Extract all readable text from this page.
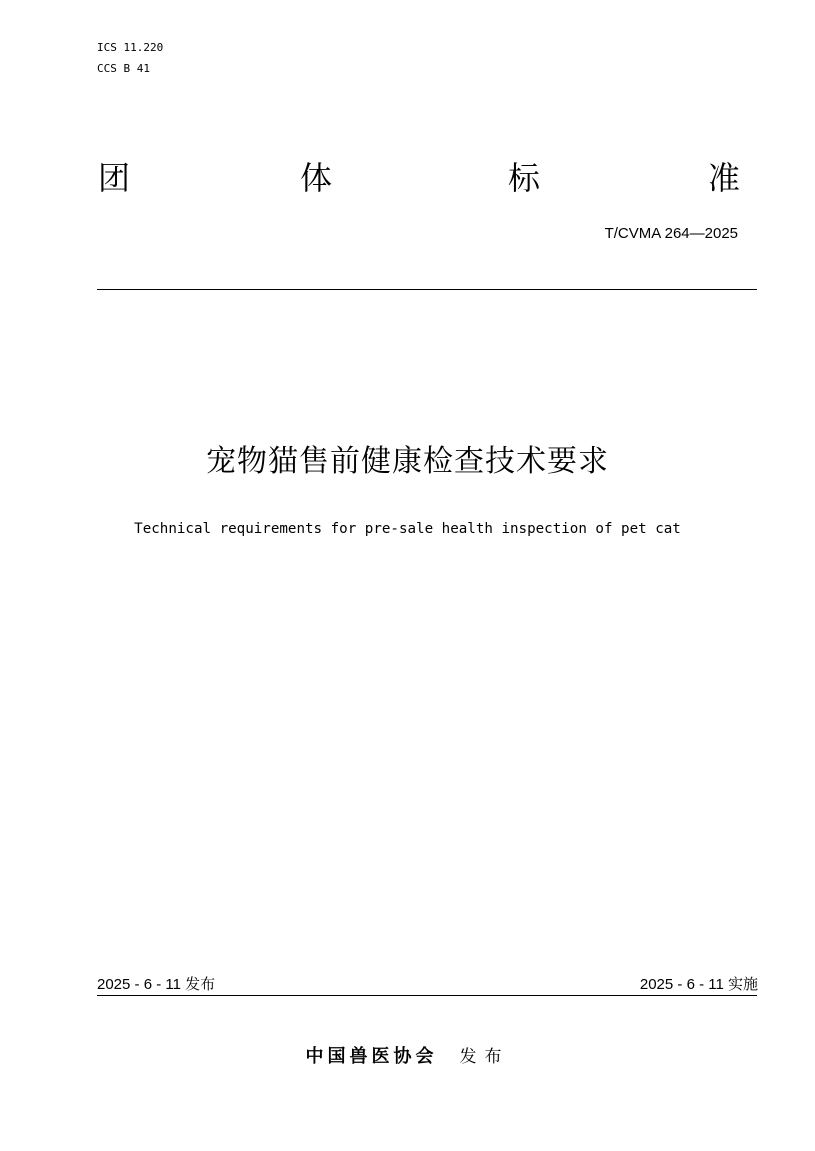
ICS 11.220
CCS B 41
团	体	标	准
T/CVMA 264—2025
宠物猫售前健康检查技术要求
Technical requirements for pre-sale health inspection of pet cat
2025 - 6 - 11 发布	2025 - 6 - 11 实施
中国兽医协会 发布
